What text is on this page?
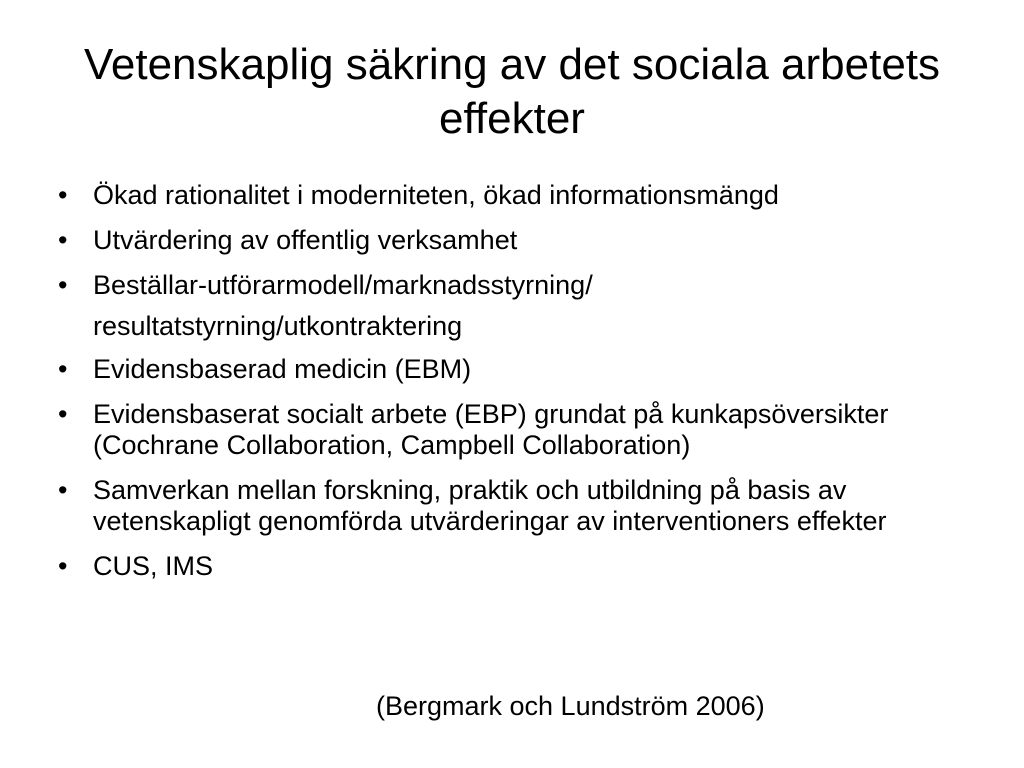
Vetenskaplig säkring av det sociala arbetets effekter
• Ökad rationalitet i moderniteten, ökad informationsmängd
• Utvärdering av offentlig verksamhet
• Beställar-utförarmodell/marknadsstyrning/
resultatstyrning/utkontraktering
• Evidensbaserad medicin (EBM)
• Evidensbaserat socialt arbete (EBP) grundat på kunkapsöversikter (Cochrane Collaboration, Campbell Collaboration)
• Samverkan mellan forskning, praktik och utbildning på basis av vetenskapligt genomförda utvärderingar av interventioners effekter
• CUS, IMS
(Bergmark och Lundström 2006)
